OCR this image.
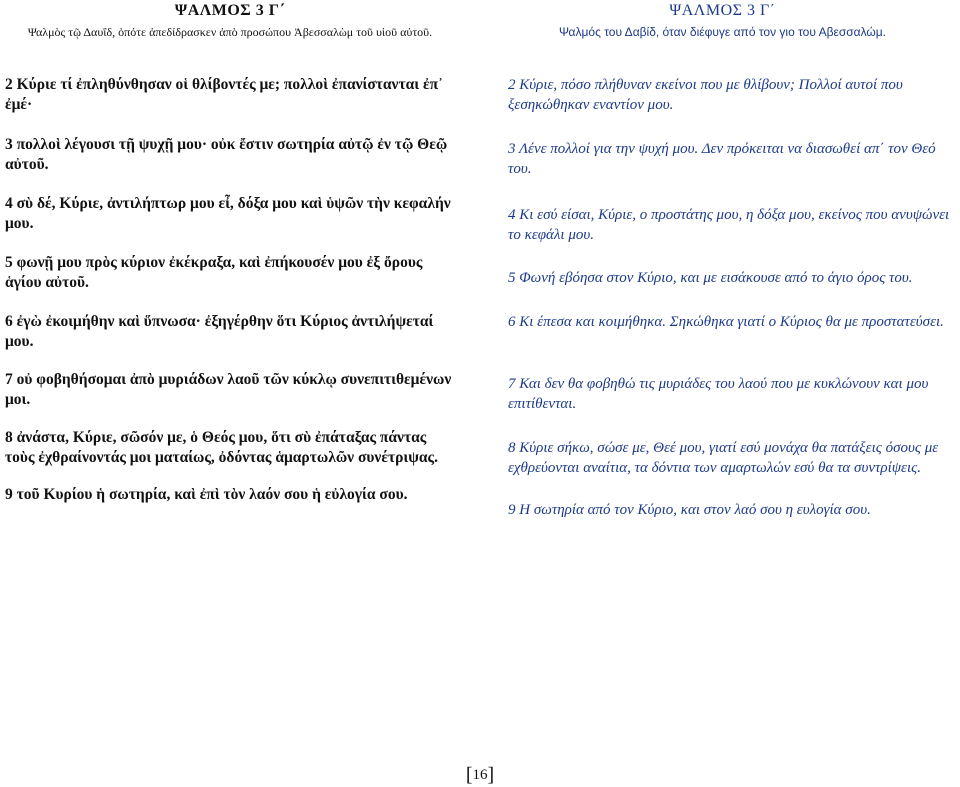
ΨΑΛΜΟΣ 3 Γ΄
Ψαλμὸς τῷ Δαυΐδ, ὁπότε ἀπεδίδρασκεν ἀπὸ προσώπου Ἀβεσσαλὼμ τοῦ υἱοῦ αὐτοῦ.
2 Κύριε τί ἐπληθύνθησαν οἱ θλίβοντές με; πολλοὶ ἐπανίστανται ἐπ᾿ ἐμέ·
3 πολλοὶ λέγουσι τῇ ψυχῇ μου· οὐκ ἔστιν σωτηρία αὐτῷ ἐν τῷ Θεῷ αὐτοῦ.
4 σὺ δέ, Κύριε, ἀντιλήπτωρ μου εἶ, δόξα μου καὶ ὑψῶν τὴν κεφαλήν μου.
5 φωνῇ μου πρὸς κύριον ἐκέκραξα, καὶ ἐπήκουσέν μου ἐξ ὄρους ἁγίου αὐτοῦ.
6 ἐγὼ ἐκοιμήθην καὶ ὕπνωσα· ἐξηγέρθην ὅτι Κύριος ἀντιλήψεταί μου.
7 οὐ φοβηθήσομαι ἀπὸ μυριάδων λαοῦ τῶν κύκλῳ συνεπιτιθεμένων μοι.
8 ἀνάστα, Κύριε, σῶσόν με, ὁ Θεός μου, ὅτι σὺ ἐπάταξας πάντας τοὺς ἐχθραίνοντάς μοι ματαίως, ὀδόντας ἁμαρτωλῶν συνέτριψας.
9 τοῦ Κυρίου ἡ σωτηρία, καὶ ἐπὶ τὸν λαόν σου ἡ εὐλογία σου.
ΨΑΛΜΟΣ 3 Γ΄
Ψαλμός του Δαβίδ, όταν διέφυγε από τον γιο του Αβεσσαλώμ.
2 Κύριε, πόσο πλήθυναν εκείνοι που με θλίβουν; Πολλοί αυτοί που ξεσηκώθηκαν εναντίον μου.
3 Λένε πολλοί για την ψυχή μου. Δεν πρόκειται να διασωθεί απ΄ τον Θεό του.
4 Κι εσύ είσαι, Κύριε, ο προστάτης μου, η δόξα μου, εκείνος που ανυψώνει το κεφάλι μου.
5 Φωνή εβόησα στον Κύριο, και με εισάκουσε από το άγιο όρος του.
6 Κι έπεσα και κοιμήθηκα. Σηκώθηκα γιατί ο Κύριος θα με προστατεύσει.
7 Και δεν θα φοβηθώ τις μυριάδες του λαού που με κυκλώνουν και μου επιτίθενται.
8 Κύριε σήκω, σώσε με, Θεέ μου, γιατί εσύ μονάχα θα πατάξεις όσους με εχθρεύονται αναίτια, τα δόντια των αμαρτωλών εσύ θα τα συντρίψεις.
9 Η σωτηρία από τον Κύριο, και στον λαό σου η ευλογία σου.
[16]
